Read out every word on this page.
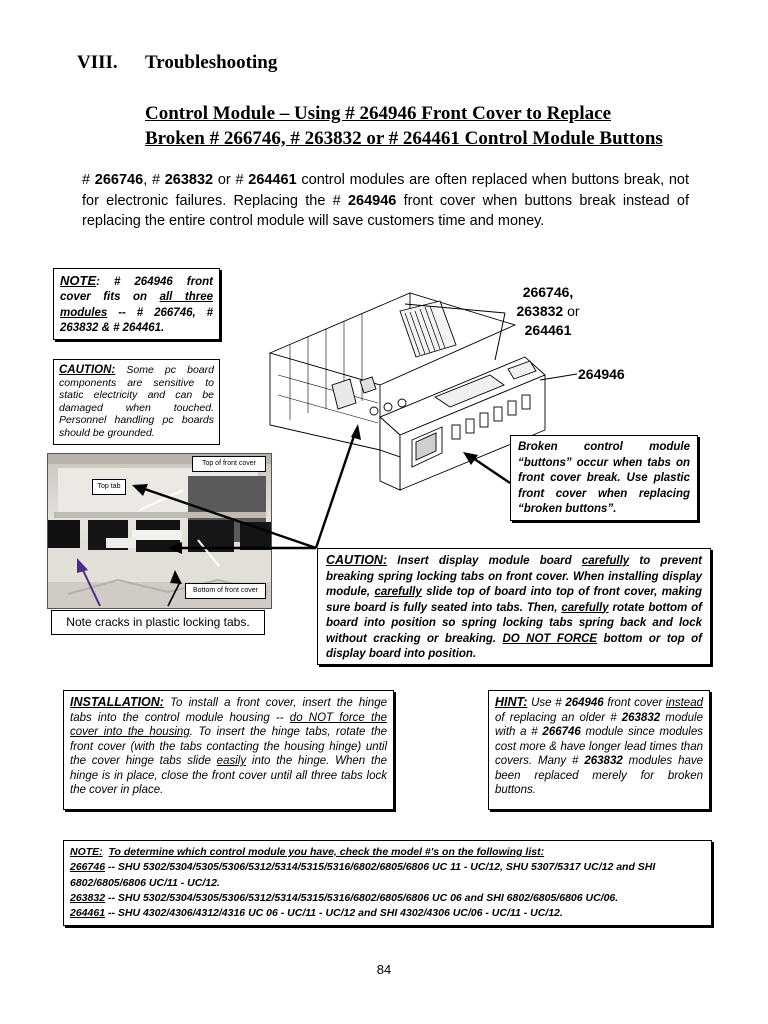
VIII. Troubleshooting
Control Module – Using # 264946 Front Cover to Replace
Broken # 266746, # 263832 or # 264461 Control Module Buttons

# 266746, # 263832 or # 264461 control modules are often replaced when buttons break, not for electronic failures. Replacing the # 264946 front cover when buttons break instead of replacing the entire control module will save customers time and money.

NOTE: # 264946 front cover fits on all three modules -- # 266746, # 263832 & # 264461.

CAUTION: Some pc board components are sensitive to static electricity and can be damaged when touched. Personnel handling pc boards should be grounded.

Top of front cover
Top tab
Bottom of front cover
Note cracks in plastic locking tabs.
266746,
263832 or
264461
264946

Broken control module “buttons” occur when tabs on front cover break. Use plastic front cover when replacing “broken buttons”.

CAUTION: Insert display module board carefully to prevent breaking spring locking tabs on front cover. When installing display module, carefully slide top of board into top of front cover, making sure board is fully seated into tabs. Then, carefully rotate bottom of board into position so spring locking tabs spring back and lock without cracking or breaking. DO NOT FORCE bottom or top of display board into position.

INSTALLATION: To install a front cover, insert the hinge tabs into the control module housing -- do NOT force the cover into the housing. To insert the hinge tabs, rotate the front cover (with the tabs contacting the housing hinge) until the cover hinge tabs slide easily into the hinge. When the hinge is in place, close the front cover until all three tabs lock the cover in place.

HINT: Use # 264946 front cover instead of replacing an older # 263832 module with a # 266746 module since modules cost more & have longer lead times than covers. Many # 263832 modules have been replaced merely for broken buttons.

NOTE: To determine which control module you have, check the model #'s on the following list:

266746 -- SHU 5302/5304/5305/5306/5312/5314/5315/5316/6802/6805/6806 UC 11 - UC/12, SHU 5307/5317 UC/12 and SHI 6802/6805/6806 UC/11 - UC/12.

263832 -- SHU 5302/5304/5305/5306/5312/5314/5315/5316/6802/6805/6806 UC 06 and SHI 6802/6805/6806 UC/06.

264461 -- SHU 4302/4306/4312/4316 UC 06 - UC/11 - UC/12 and SHI 4302/4306 UC/06 - UC/11 - UC/12.

84
